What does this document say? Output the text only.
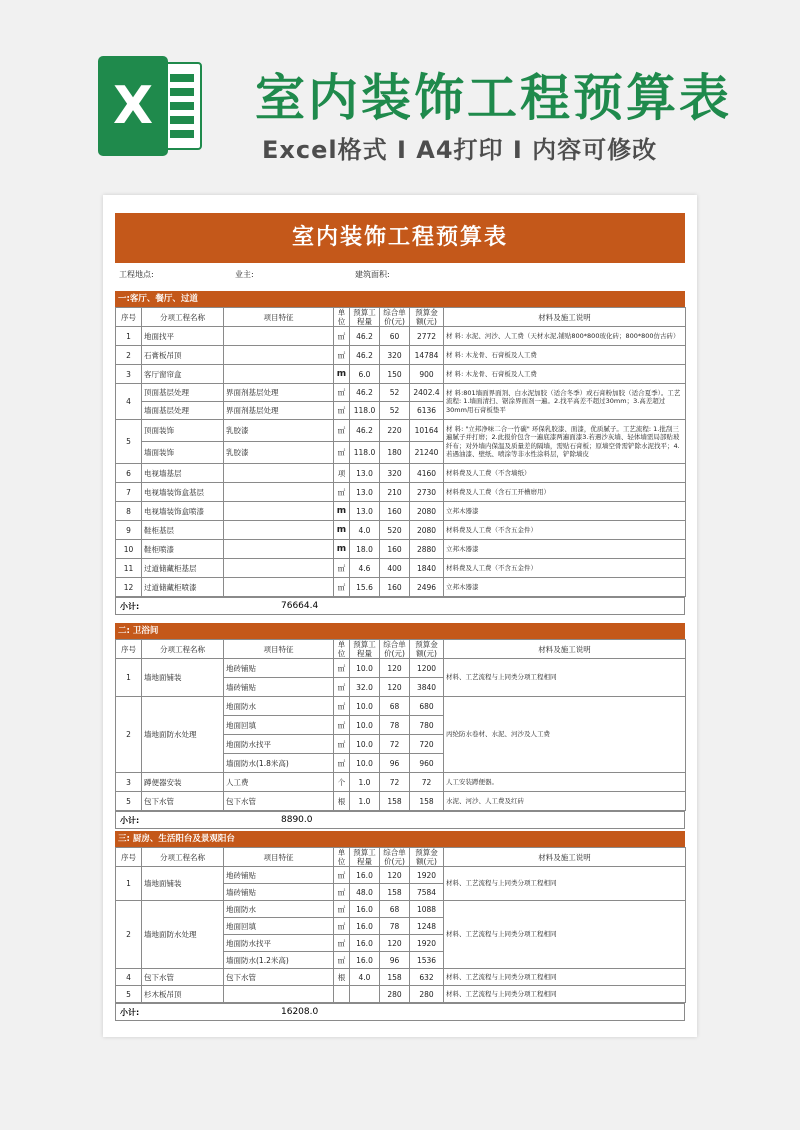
X 室内装饰工程预算表
Excel格式 I A4打印 I 内容可修改
室内装饰工程预算表
工程地点:	业主:	建筑面积:
一:客厅、餐厅、过道
序号	分项工程名称	项目特征	单位	预算工程量	综合单价(元)	预算金额(元)	材料及施工说明
1	地面找平		㎡	46.2	60	2772	材 料: 水泥、河沙、人工费（天材水泥,铺贴800*800玻化砖；800*800仿古砖）
2	石膏板吊顶		㎡	46.2	320	14784	材 料: 木龙骨、石膏板及人工费
3	客厅窗帘盒		m	6.0	150	900	材 料: 木龙骨、石膏板及人工费
4	顶面基层处理	界面剂基层处理	㎡	46.2	52	2402.4	材 料:801墙面界面剂、白水泥加胶（适合冬季）或石膏粉加胶（适合夏季）。工艺流程: 1.墙面清扫、锯涂界面剂一遍。2.找平高差不超过30mm；3.高差超过30mm用石膏板垫平
	墙面基层处理	界面剂基层处理	㎡	118.0	52	6136	
5	顶面装饰	乳胶漆	㎡	46.2	220	10164	材 料: "立邦净味二合一竹碳" 环保乳胶漆、面漆，优质腻子。工艺流程: 1.批刮三遍腻子并打磨；2.此报价包含一遍底漆两遍面漆3.若遇沙灰墙、轻体墙需局部贴玻纤布；对外墙内保温及质量差的隔墙，需贴石膏板；原墙空骨需铲除水泥找平；4.若遇油漆、壁纸、喷涂等非水性涂料层，铲除墙皮
	墙面装饰	乳胶漆	㎡	118.0	180	21240	
6	电视墙基层		项	13.0	320	4160	材料费及人工费（不含墙纸）
7	电视墙装饰盒基层		㎡	13.0	210	2730	材料费及人工费（含石工开槽磨用）
8	电视墙装饰盒喷漆		m	13.0	160	2080	立邦木器漆
9	鞋柜基层		m	4.0	520	2080	材料费及人工费（不含五金件）
10	鞋柜喷漆		m	18.0	160	2880	立邦木器漆
11	过道储藏柜基层		㎡	4.6	400	1840	材料费及人工费（不含五金件）
12	过道储藏柜喷漆		㎡	15.6	160	2496	立邦木器漆
小计:	76664.4
二: 卫浴间
序号	分项工程名称	项目特征	单位	预算工程量	综合单价(元)	预算金额(元)	材料及施工说明
1	墙地面铺装	地砖铺贴	㎡	10.0	120	1200	材料、工艺流程与上同类分项工程相同
		墙砖铺贴	㎡	32.0	120	3840	
2	墙地面防水处理	地面防水	㎡	10.0	68	680	丙纶防水卷材、水泥、河沙及人工费
		地面回填	㎡	10.0	78	780	
		地面防水找平	㎡	10.0	72	720	
		墙面防水(1.8米高)	㎡	10.0	96	960	
3	蹲便器安装	人工费	个	1.0	72	72	人工安装蹲便器。
5	包下水管	包下水管	根	1.0	158	158	水泥、河沙、人工费及红砖
小计:	8890.0
三: 厨房、生活阳台及景观阳台
序号	分项工程名称	项目特征	单位	预算工程量	综合单价(元)	预算金额(元)	材料及施工说明
1	墙地面铺装	地砖铺贴	㎡	16.0	120	1920	材料、工艺流程与上同类分项工程相同
		墙砖铺贴	㎡	48.0	158	7584	
2	墙地面防水处理	地面防水	㎡	16.0	68	1088	材料、工艺流程与上同类分项工程相同
		地面回填	㎡	16.0	78	1248	
		地面防水找平	㎡	16.0	120	1920	
		墙面防水(1.2米高)	㎡	16.0	96	1536	
4	包下水管	包下水管	根	4.0	158	632	材料、工艺流程与上同类分项工程相同
5	杉木板吊顶				280	280	材料、工艺流程与上同类分项工程相同
小计:	16208.0
